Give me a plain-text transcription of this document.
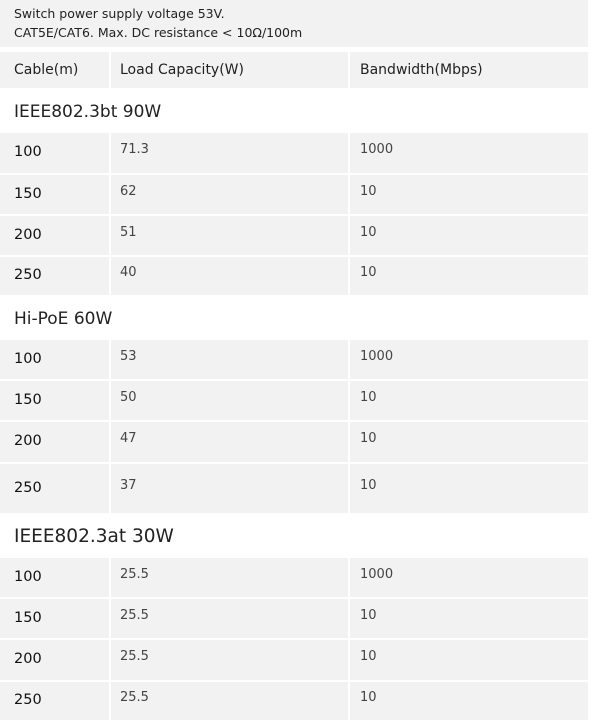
Switch power supply voltage 53V.
CAT5E/CAT6. Max. DC resistance < 10Ω/100m
Cable(m)	Load Capacity(W)	Bandwidth(Mbps)
IEEE802.3bt 90W
100	71.3	1000
150	62	10
200	51	10
250	40	10
Hi-PoE 60W
100	53	1000
150	50	10
200	47	10
250	37	10
IEEE802.3at 30W
100	25.5	1000
150	25.5	10
200	25.5	10
250	25.5	10
